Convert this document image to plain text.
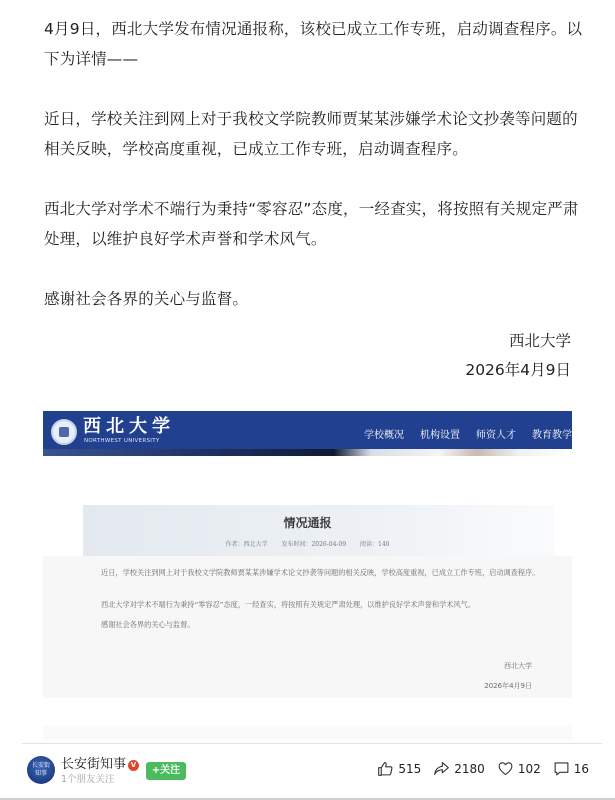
4月9日，西北大学发布情况通报称，该校已成立工作专班，启动调查程序。以下为详情——

近日，学校关注到网上对于我校文学院教师贾某某涉嫌学术论文抄袭等问题的相关反映，学校高度重视，已成立工作专班，启动调查程序。

西北大学对学术不端行为秉持“零容忍”态度，一经查实，将按照有关规定严肃处理，以维护良好学术声誉和学术风气。

感谢社会各界的关心与监督。

西北大学
2026年4月9日
西北大学
NORTHWEST UNIVERSITY
学校概况 机构设置 师资人才 教育教学
情况通报
作者：西北大学 发布时间：2026-04-09 阅读：140

近日，学校关注到网上对于我校文学院教师贾某某涉嫌学术论文抄袭等问题的相关反映，学校高度重视，已成立工作专班，启动调查程序。

西北大学对学术不端行为秉持“零容忍”态度，一经查实，将按照有关规定严肃处理，以维护良好学术声誉和学术风气。

感谢社会各界的关心与监督。

西北大学
2026年4月9日
长安街
知事
长安街知事 V
1个朋友关注
+关注	515	2180	102	16
